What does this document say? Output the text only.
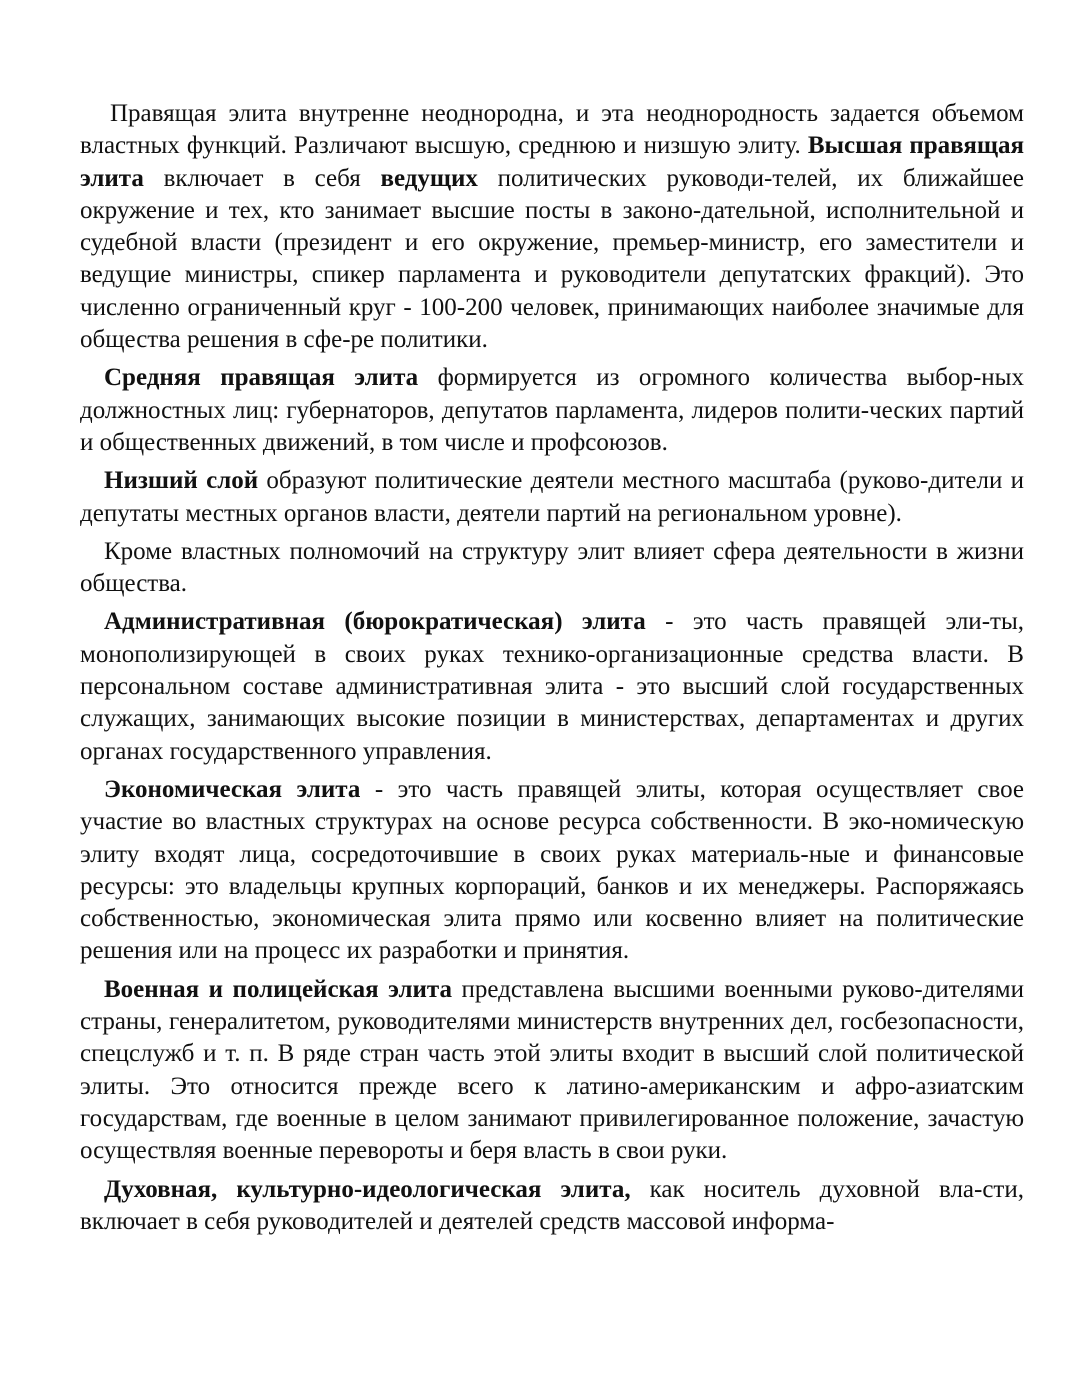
Правящая элита внутренне неоднородна, и эта неоднородность задается объемом властных функций. Различают высшую, среднюю и низшую элиту. Высшая правящая элита включает в себя ведущих политических руководи-телей, их ближайшее окружение и тех, кто занимает высшие посты в законо-дательной, исполнительной и судебной власти (президент и его окружение, премьер-министр, его заместители и ведущие министры, спикер парламента и руководители депутатских фракций). Это численно ограниченный круг - 100-200 человек, принимающих наиболее значимые для общества решения в сфе-ре политики.

Средняя правящая элита формируется из огромного количества выбор-ных должностных лиц: губернаторов, депутатов парламента, лидеров полити-ческих партий и общественных движений, в том числе и профсоюзов.

Низший слой образуют политические деятели местного масштаба (руково-дители и депутаты местных органов власти, деятели партий на региональном уровне).

Кроме властных полномочий на структуру элит влияет сфера деятельности в жизни общества.

Административная (бюрократическая) элита - это часть правящей эли-ты, монополизирующей в своих руках технико-организационные средства власти. В персональном составе административная элита - это высший слой государственных служащих, занимающих высокие позиции в министерствах, департаментах и других органах государственного управления.

Экономическая элита - это часть правящей элиты, которая осуществляет свое участие во властных структурах на основе ресурса собственности. В эко-номическую элиту входят лица, сосредоточившие в своих руках материаль-ные и финансовые ресурсы: это владельцы крупных корпораций, банков и их менеджеры. Распоряжаясь собственностью, экономическая элита прямо или косвенно влияет на политические решения или на процесс их разработки и принятия.

Военная и полицейская элита представлена высшими военными руково-дителями страны, генералитетом, руководителями министерств внутренних дел, госбезопасности, спецслужб и т. п. В ряде стран часть этой элиты входит в высший слой политической элиты. Это относится прежде всего к латино-американским и афро-азиатским государствам, где военные в целом занимают привилегированное положение, зачастую осуществляя военные перевороты и беря власть в свои руки.

Духовная, культурно-идеологическая элита, как носитель духовной вла-сти, включает в себя руководителей и деятелей средств массовой информа-
